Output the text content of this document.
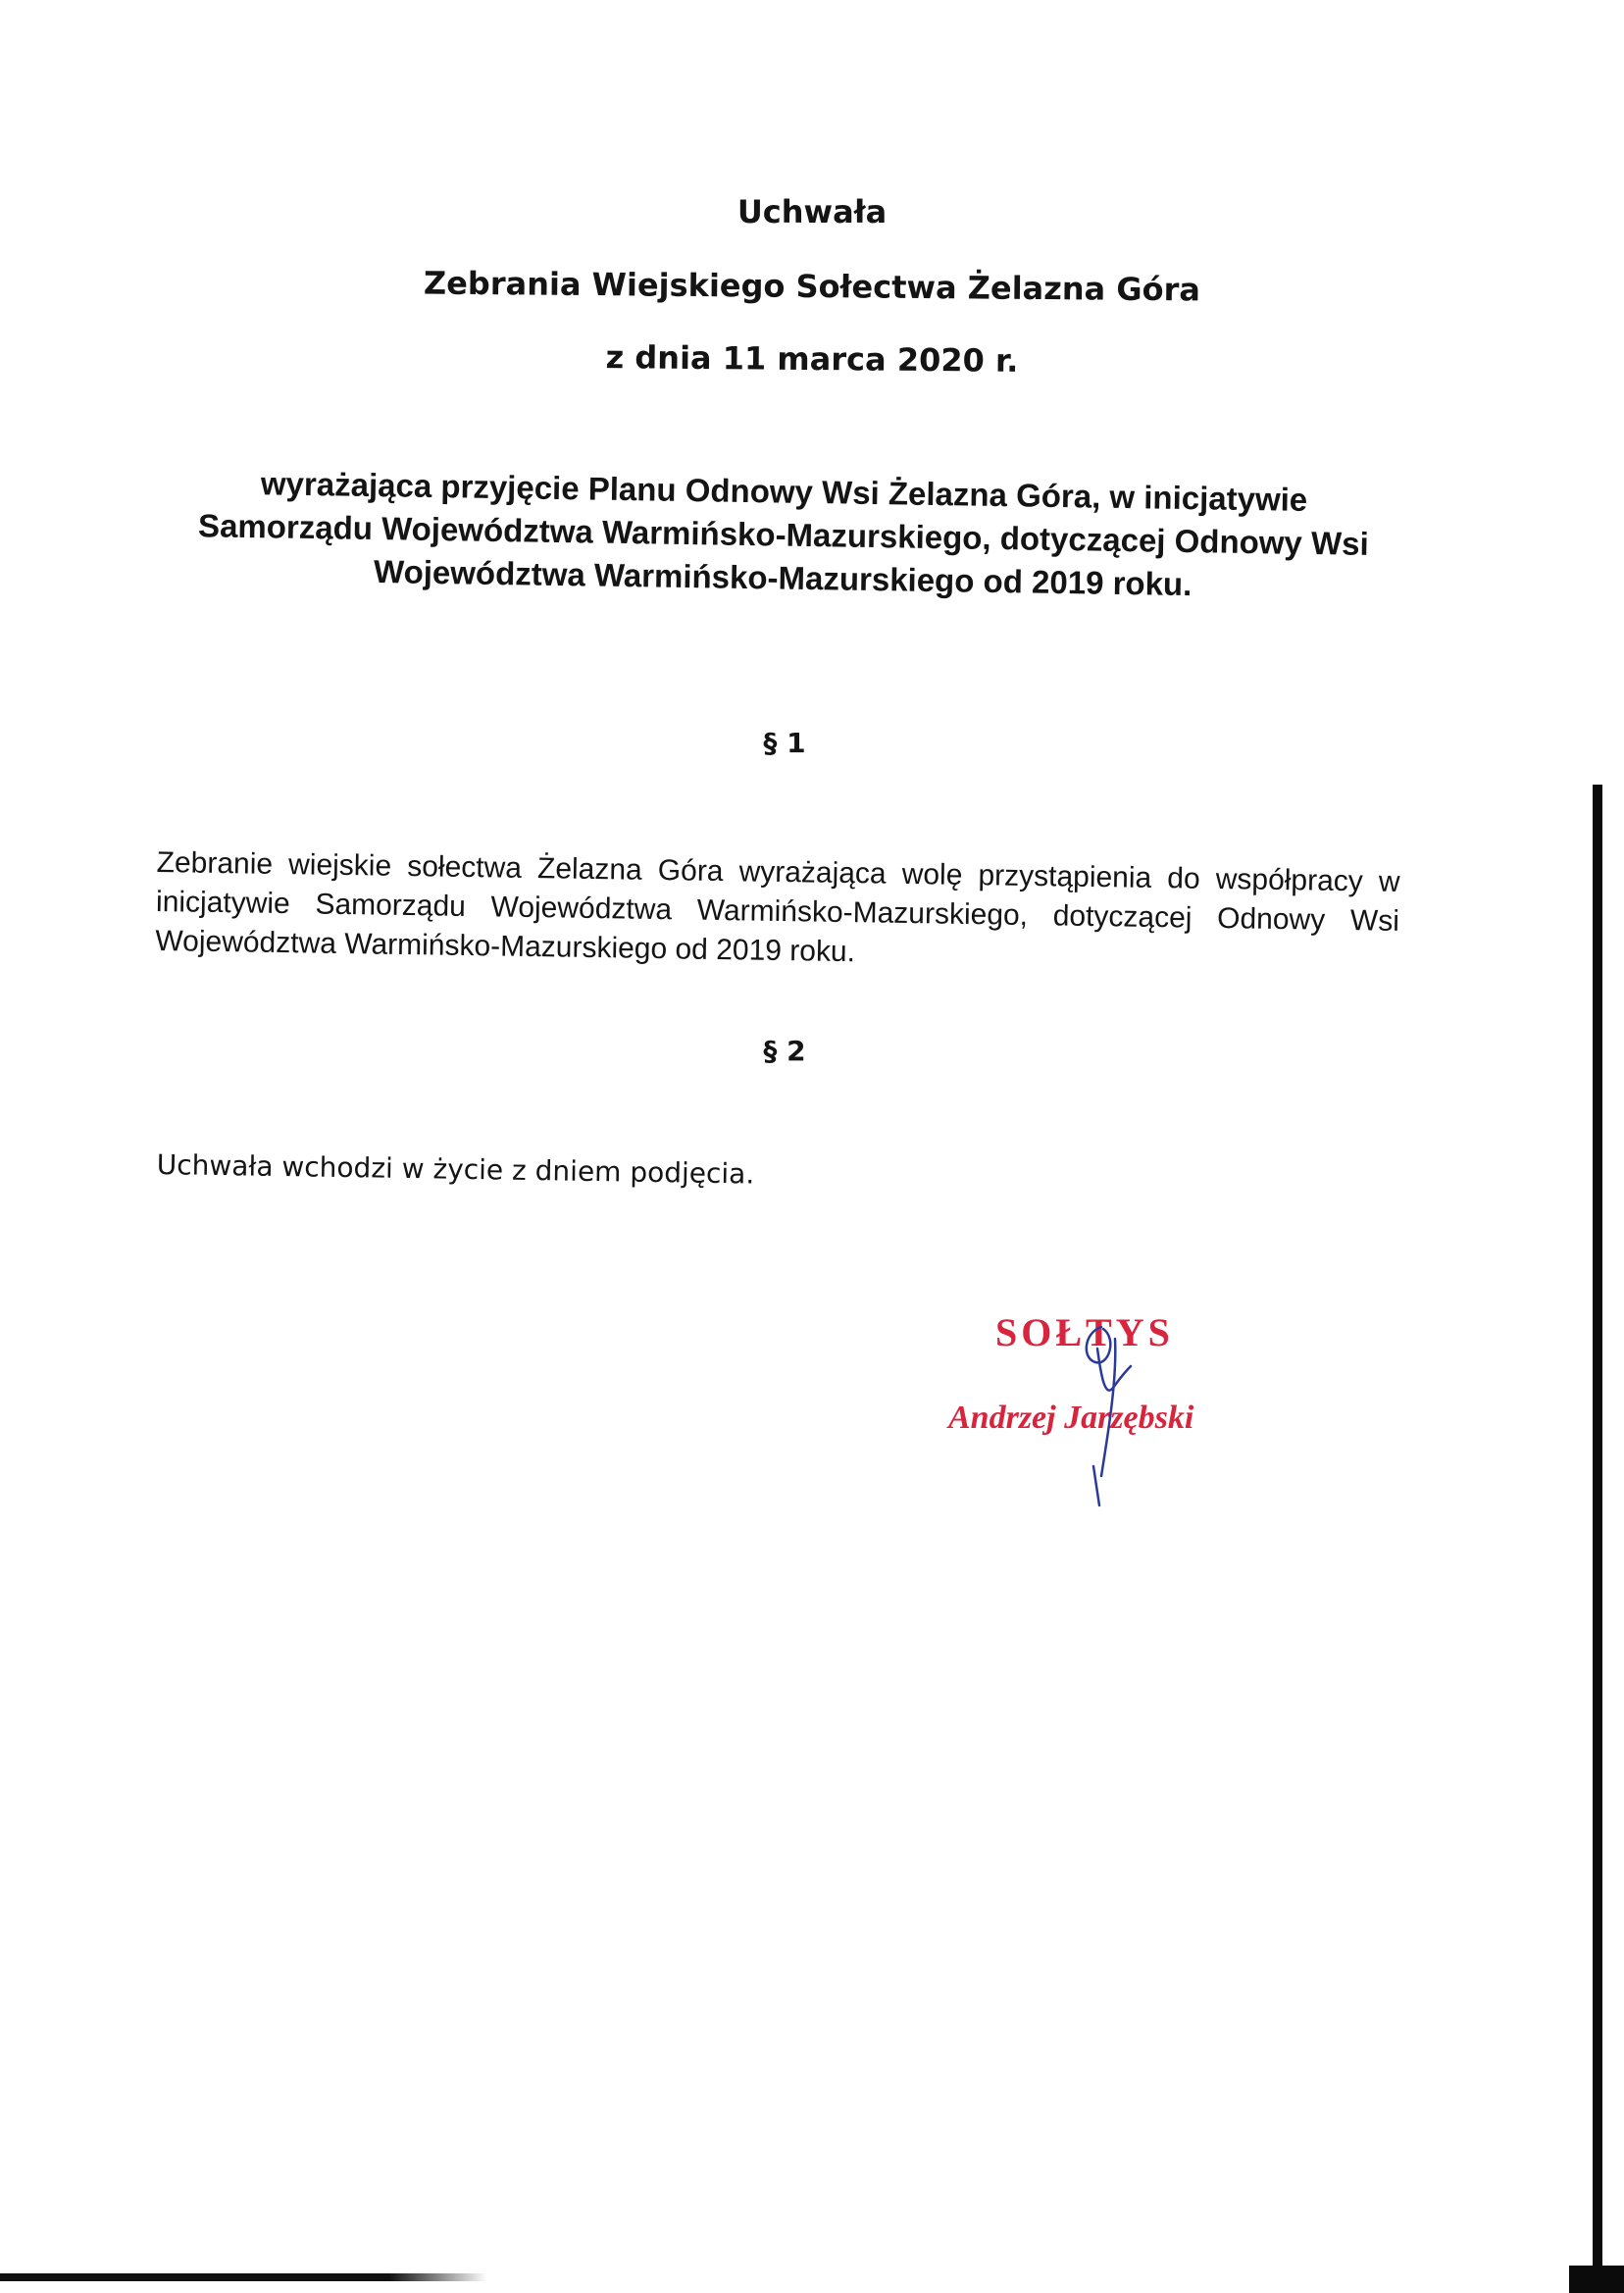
Uchwała
Zebrania Wiejskiego Sołectwa Żelazna Góra
z dnia 11 marca 2020 r.
wyrażająca przyjęcie Planu Odnowy Wsi Żelazna Góra, w inicjatywie
Samorządu Województwa Warmińsko-Mazurskiego, dotyczącej Odnowy Wsi
Województwa Warmińsko-Mazurskiego od 2019 roku.
§ 1

Zebranie wiejskie sołectwa Żelazna Góra wyrażająca wolę przystąpienia do współpracy w inicjatywie Samorządu Województwa Warmińsko-Mazurskiego, dotyczącej Odnowy Wsi Województwa Warmińsko-Mazurskiego od 2019 roku.

§ 2

Uchwała wchodzi w życie z dniem podjęcia.

SOŁTYS
Andrzej Jarzębski
